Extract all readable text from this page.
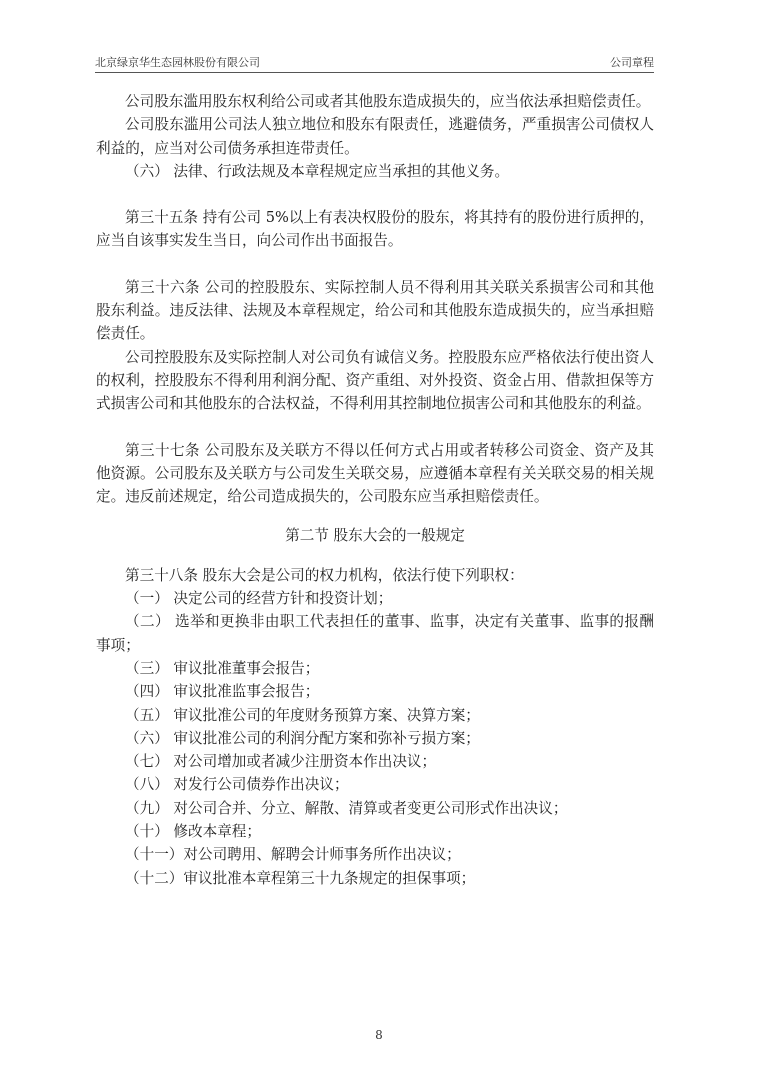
北京绿京华生态园林股份有限公司	公司章程

公司股东滥用股东权利给公司或者其他股东造成损失的，应当依法承担赔偿责任。

公司股东滥用公司法人独立地位和股东有限责任，逃避债务，严重损害公司债权人利益的，应当对公司债务承担连带责任。

（六） 法律、行政法规及本章程规定应当承担的其他义务。

第三十五条 持有公司 5%以上有表决权股份的股东，将其持有的股份进行质押的，应当自该事实发生当日，向公司作出书面报告。

第三十六条 公司的控股股东、实际控制人员不得利用其关联关系损害公司和其他股东利益。违反法律、法规及本章程规定，给公司和其他股东造成损失的，应当承担赔偿责任。

公司控股股东及实际控制人对公司负有诚信义务。控股股东应严格依法行使出资人的权利，控股股东不得利用利润分配、资产重组、对外投资、资金占用、借款担保等方式损害公司和其他股东的合法权益，不得利用其控制地位损害公司和其他股东的利益。

第三十七条 公司股东及关联方不得以任何方式占用或者转移公司资金、资产及其他资源。公司股东及关联方与公司发生关联交易，应遵循本章程有关关联交易的相关规定。违反前述规定，给公司造成损失的，公司股东应当承担赔偿责任。

第二节 股东大会的一般规定

第三十八条 股东大会是公司的权力机构，依法行使下列职权：

（一） 决定公司的经营方针和投资计划；

（二） 选举和更换非由职工代表担任的董事、监事，决定有关董事、监事的报酬事项；

（三） 审议批准董事会报告；

（四） 审议批准监事会报告；

（五） 审议批准公司的年度财务预算方案、决算方案；

（六） 审议批准公司的利润分配方案和弥补亏损方案；

（七） 对公司增加或者减少注册资本作出决议；

（八） 对发行公司债券作出决议；

（九） 对公司合并、分立、解散、清算或者变更公司形式作出决议；

（十） 修改本章程；

（十一）对公司聘用、解聘会计师事务所作出决议；

（十二）审议批准本章程第三十九条规定的担保事项；

8
